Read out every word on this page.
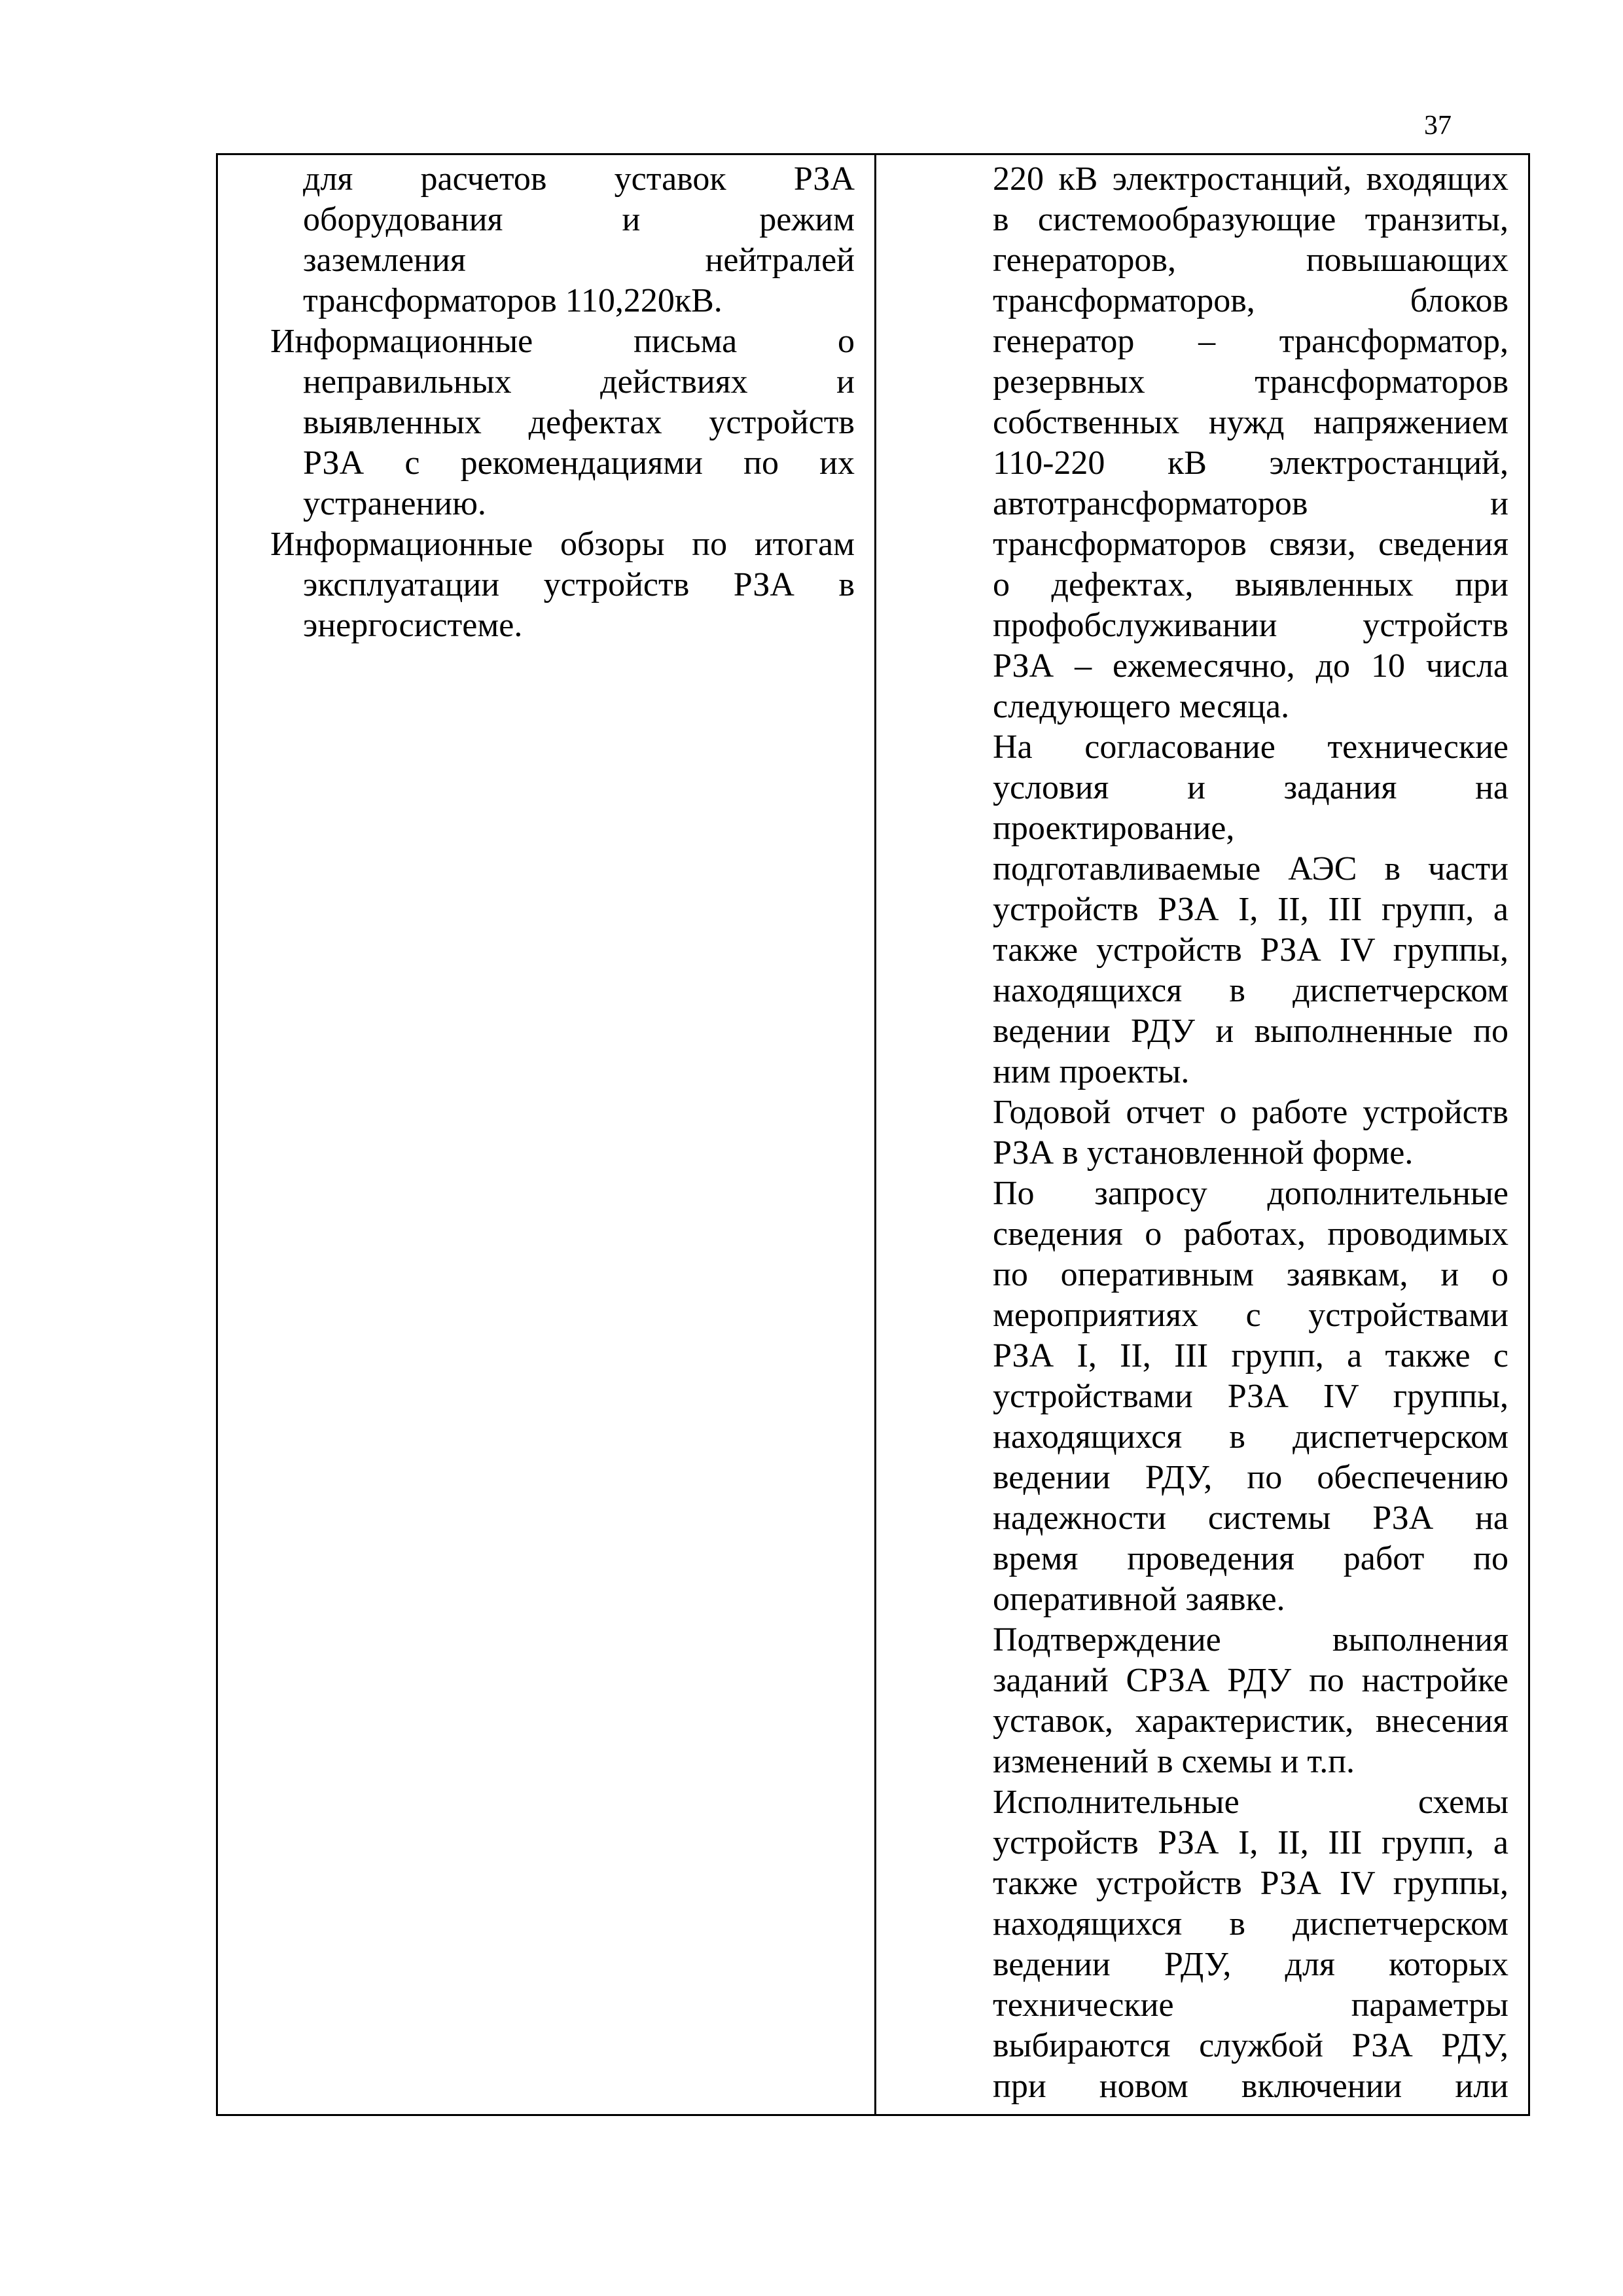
37
для расчетов уставок РЗА
оборудования и режим
заземления нейтралей
трансформаторов 110,220кВ.
Информационные письма о
неправильных действиях и
выявленных дефектах устройств
РЗА с рекомендациями по их
устранению.
Информационные обзоры по итогам
эксплуатации устройств РЗА в
энергосистеме.

220 кВ электростанций, входящих
в системообразующие транзиты,
генераторов, повышающих
трансформаторов, блоков
генератор – трансформатор,
резервных трансформаторов
собственных нужд напряжением
110-220 кВ электростанций,
автотрансформаторов и
трансформаторов связи, сведения
о дефектах, выявленных при
профобслуживании устройств
РЗА – ежемесячно, до 10 числа
следующего месяца.
На согласование технические
условия и задания на
проектирование,
подготавливаемые АЭС в части
устройств РЗА I, II, III групп, а
также устройств РЗА IV группы,
находящихся в диспетчерском
ведении РДУ и выполненные по
ним проекты.
Годовой отчет о работе устройств
РЗА в установленной форме.
По запросу дополнительные
сведения о работах, проводимых
по оперативным заявкам, и о
мероприятиях с устройствами
РЗА I, II, III групп, а также с
устройствами РЗА IV группы,
находящихся в диспетчерском
ведении РДУ, по обеспечению
надежности системы РЗА на
время проведения работ по
оперативной заявке.
Подтверждение выполнения
заданий СРЗА РДУ по настройке
уставок, характеристик, внесения
изменений в схемы и т.п.
Исполнительные схемы
устройств РЗА I, II, III групп, а
также устройств РЗА IV группы,
находящихся в диспетчерском
ведении РДУ, для которых
технические параметры
выбираются службой РЗА РДУ,
при новом включении или
